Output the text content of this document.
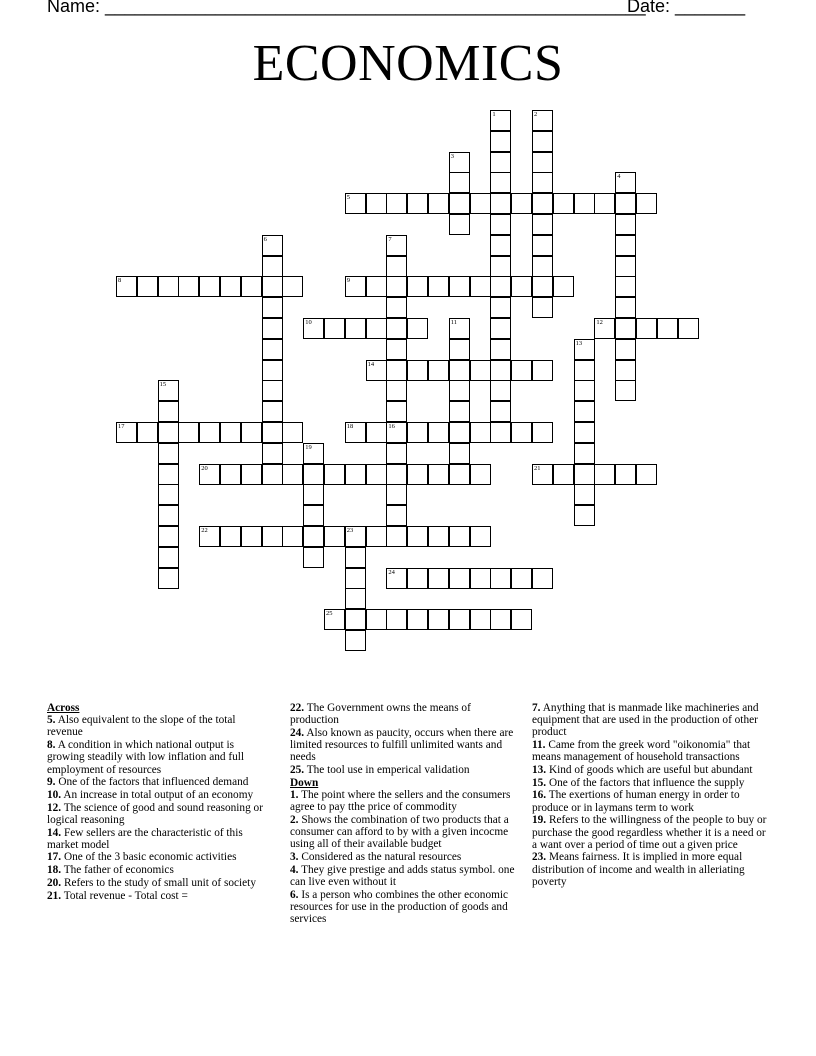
Name: ______________________________________________________
Date: _______
ECONOMICS
1	2
3
4
5
6	7
16
8	9
10	11	12
13
14
15
17	18
19
20	21
22	23
24
25
Across
5. Also equivalent to the slope of the total revenue
8. A condition in which national output is growing steadily with low inflation and full employment of resources
9. One of the factors that influenced demand
10. An increase in total output of an economy
12. The science of good and sound reasoning or logical reasoning
14. Few sellers are the characteristic of this market model
17. One of the 3 basic economic activities
18. The father of economics
20. Refers to the study of small unit of society
21. Total revenue - Total cost =
22. The Government owns the means of production
24. Also known as paucity, occurs when there are limited resources to fulfill unlimited wants and needs
25. The tool use in emperical validation
Down
1. The point where the sellers and the consumers agree to pay tthe price of commodity
2. Shows the combination of two products that a consumer can afford to by with a given incocme using all of their available budget
3. Considered as the natural resources
4. They give prestige and adds status symbol. one can live even without it
6. Is a person who combines the other economic resources for use in the production of goods and services
7. Anything that is manmade like machineries and equipment that are used in the production of other product
11. Came from the greek word "oikonomia" that means management of household transactions
13. Kind of goods which are useful but abundant
15. One of the factors that influence the supply
16. The exertions of human energy in order to produce or in laymans term to work
19. Refers to the willingness of the people to buy or purchase the good regardless whether it is a need or a want over a period of time out a given price
23. Means fairness. It is implied in more equal distribution of income and wealth in alleriating poverty
